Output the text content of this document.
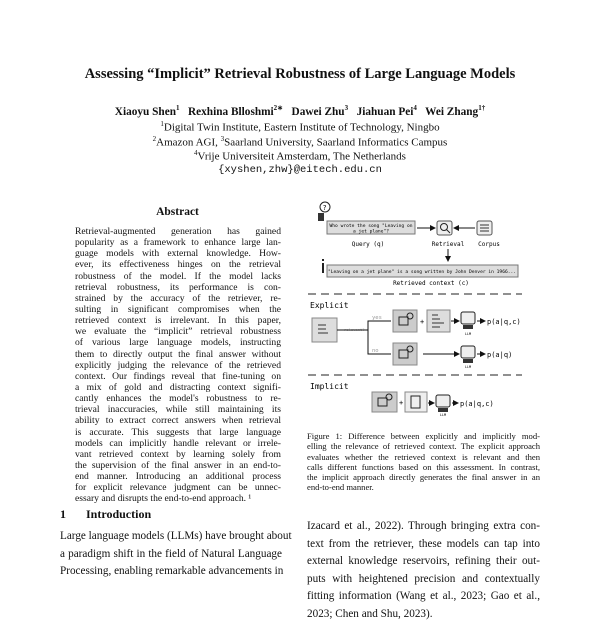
Assessing “Implicit” Retrieval Robustness of Large Language Models
Xiaoyu Shen$^1$ Rexhina Blloshmi$^{2∗}$ Dawei Zhu$^3$ Jiahuan Pei$^4$ Wei Zhang$^{1\dagger}$
$^1$Digital Twin Institute, Eastern Institute of Technology, Ningbo
$^2$Amazon AGI, $^3$Saarland University, Saarland Informatics Campus
$^4$Vrije Universiteit Amsterdam, The Netherlands
{xyshen,zhw}@eitech.edu.cn
Abstract
Retrieval-augmented generation has gained
popularity as a framework to enhance large lan-
guage models with external knowledge. How-
ever, its effectiveness hinges on the retrieval
robustness of the model. If the model lacks
retrieval robustness, its performance is con-
strained by the accuracy of the retriever, re-
sulting in significant compromises when the
retrieved context is irrelevant. In this paper,
we evaluate the “implicit” retrieval robustness
of various large language models, instructing
them to directly output the final answer without
explicitly judging the relevance of the retrieved
context. Our findings reveal that fine-tuning on
a mix of gold and distracting context signifi-
cantly enhances the model's robustness to re-
trieval inaccuracies, while still maintaining its
ability to extract correct answers when retrieval
is accurate. This suggests that large language
models can implicitly handle relevant or irrele-
vant retrieved context by learning solely from
the supervision of the final answer in an end-to-
end manner. Introducing an additional process
for explicit relevance judgment can be unnec-
essary and disrupts the end-to-end approach. ¹
1 Introduction
Large language models (LLMs) have brought about
a paradigm shift in the field of Natural Language
Processing, enabling remarkable advancements in
?
Who wrote the song "Leaving on
a jet plane"?
Query (q)	Retrieval Corpus
"Leaving on a jet plane" is a song written by John Denver in 1966...
Retrieved context (c)
Explicit
relevant?
yes
no
+
LLM
p(a|q,c)
LLM
p(a|q)
Implicit
+
LLM
p(a|q,c)
Figure 1: Difference between explicitly and implicitly mod-
elling the relevance of retrieved context. The explicit approach
evaluates whether the retrieved context is relevant and then
calls different functions based on this assessment. In contrast,
the implicit approach directly generates the final answer in an
end-to-end manner.
Izacard et al., 2022). Through bringing extra con-
text from the retriever, these models can tap into
external knowledge reservoirs, refining their out-
puts with heightened precision and contextually
fitting information (Wang et al., 2023; Gao et al.,
2023; Chen and Shu, 2023).
